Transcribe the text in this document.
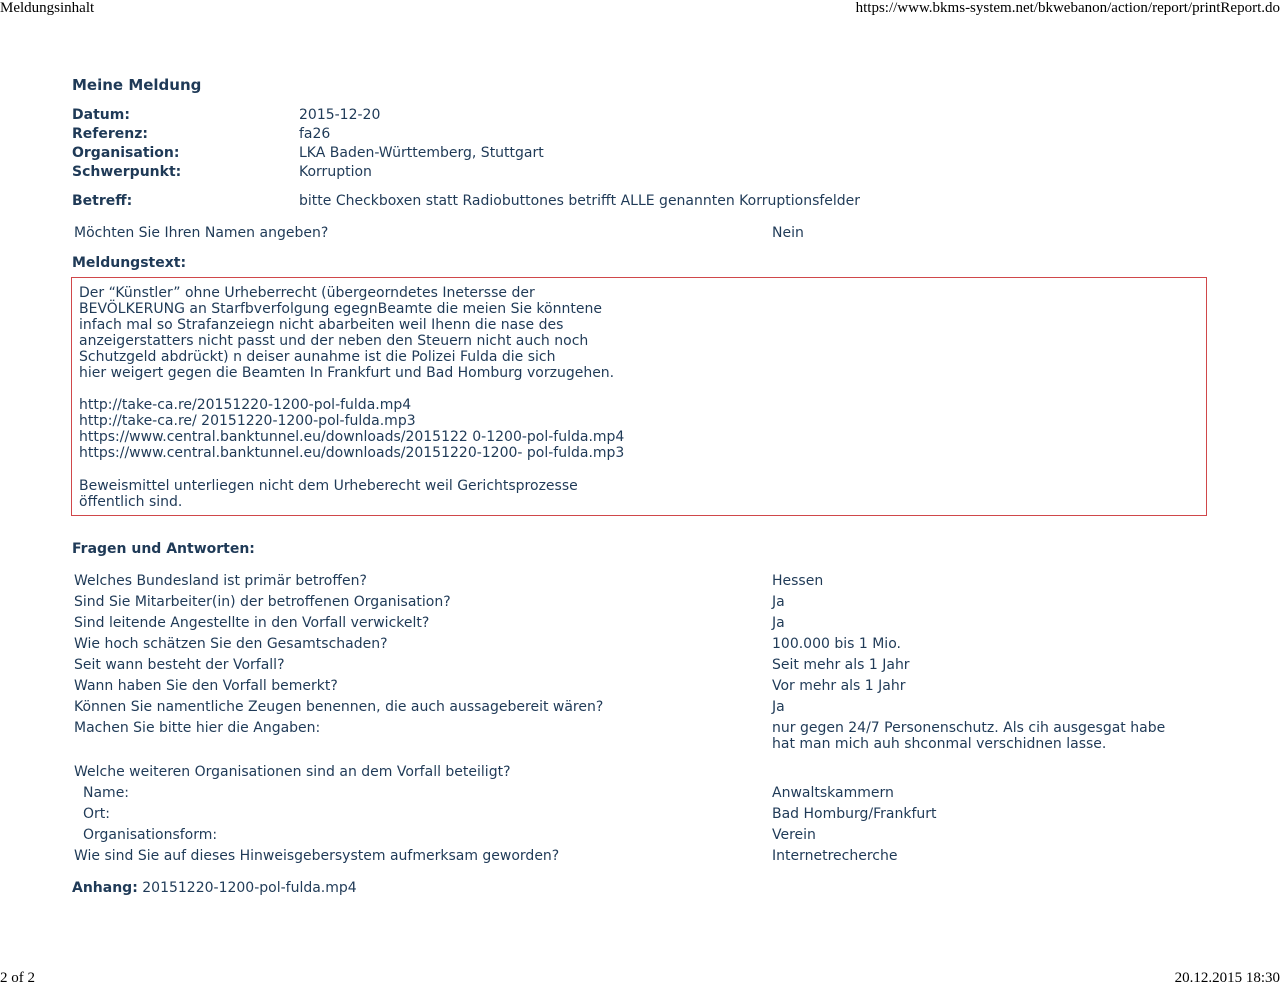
Meldungsinhalt	https://www.bkms-system.net/bkwebanon/action/report/printReport.do
2 of 2	20.12.2015 18:30
Meine Meldung
Datum:	2015-12-20
Referenz:	fa26
Organisation:	LKA Baden-Württemberg, Stuttgart
Schwerpunkt:	Korruption
Betreff:	bitte Checkboxen statt Radiobuttones betrifft ALLE genannten Korruptionsfelder
Möchten Sie Ihren Namen angeben?	Nein
Meldungstext:
Der “Künstler” ohne Urheberrecht (übergeorndetes Inetersse der
BEVÖLKERUNG an Starfbverfolgung egegnBeamte die meien Sie könntene
infach mal so Strafanzeiegn nicht abarbeiten weil Ihenn die nase des
anzeigerstatters nicht passt und der neben den Steuern nicht auch noch
Schutzgeld abdrückt) n deiser aunahme ist die Polizei Fulda die sich
hier weigert gegen die Beamten In Frankfurt und Bad Homburg vorzugehen.
http://take-ca.re/20151220-1200-pol-fulda.mp4
http://take-ca.re/ 20151220-1200-pol-fulda.mp3
https://www.central.banktunnel.eu/downloads/2015122 0-1200-pol-fulda.mp4
https://www.central.banktunnel.eu/downloads/20151220-1200- pol-fulda.mp3
Beweismittel unterliegen nicht dem Urheberecht weil Gerichtsprozesse
öffentlich sind.
Fragen und Antworten:
Welches Bundesland ist primär betroffen?	Hessen
Sind Sie Mitarbeiter(in) der betroffenen Organisation?	Ja
Sind leitende Angestellte in den Vorfall verwickelt?	Ja
Wie hoch schätzen Sie den Gesamtschaden?	100.000 bis 1 Mio.
Seit wann besteht der Vorfall?	Seit mehr als 1 Jahr
Wann haben Sie den Vorfall bemerkt?	Vor mehr als 1 Jahr
Können Sie namentliche Zeugen benennen, die auch aussagebereit wären?	Ja
Machen Sie bitte hier die Angaben:	nur gegen 24/7 Personenschutz. Als cih ausgesgat habe
hat man mich auh shconmal verschidnen lasse.
Welche weiteren Organisationen sind an dem Vorfall beteiligt?
Name:	Anwaltskammern
Ort:	Bad Homburg/Frankfurt
Organisationsform:	Verein
Wie sind Sie auf dieses Hinweisgebersystem aufmerksam geworden?	Internetrecherche
Anhang: 20151220-1200-pol-fulda.mp4
